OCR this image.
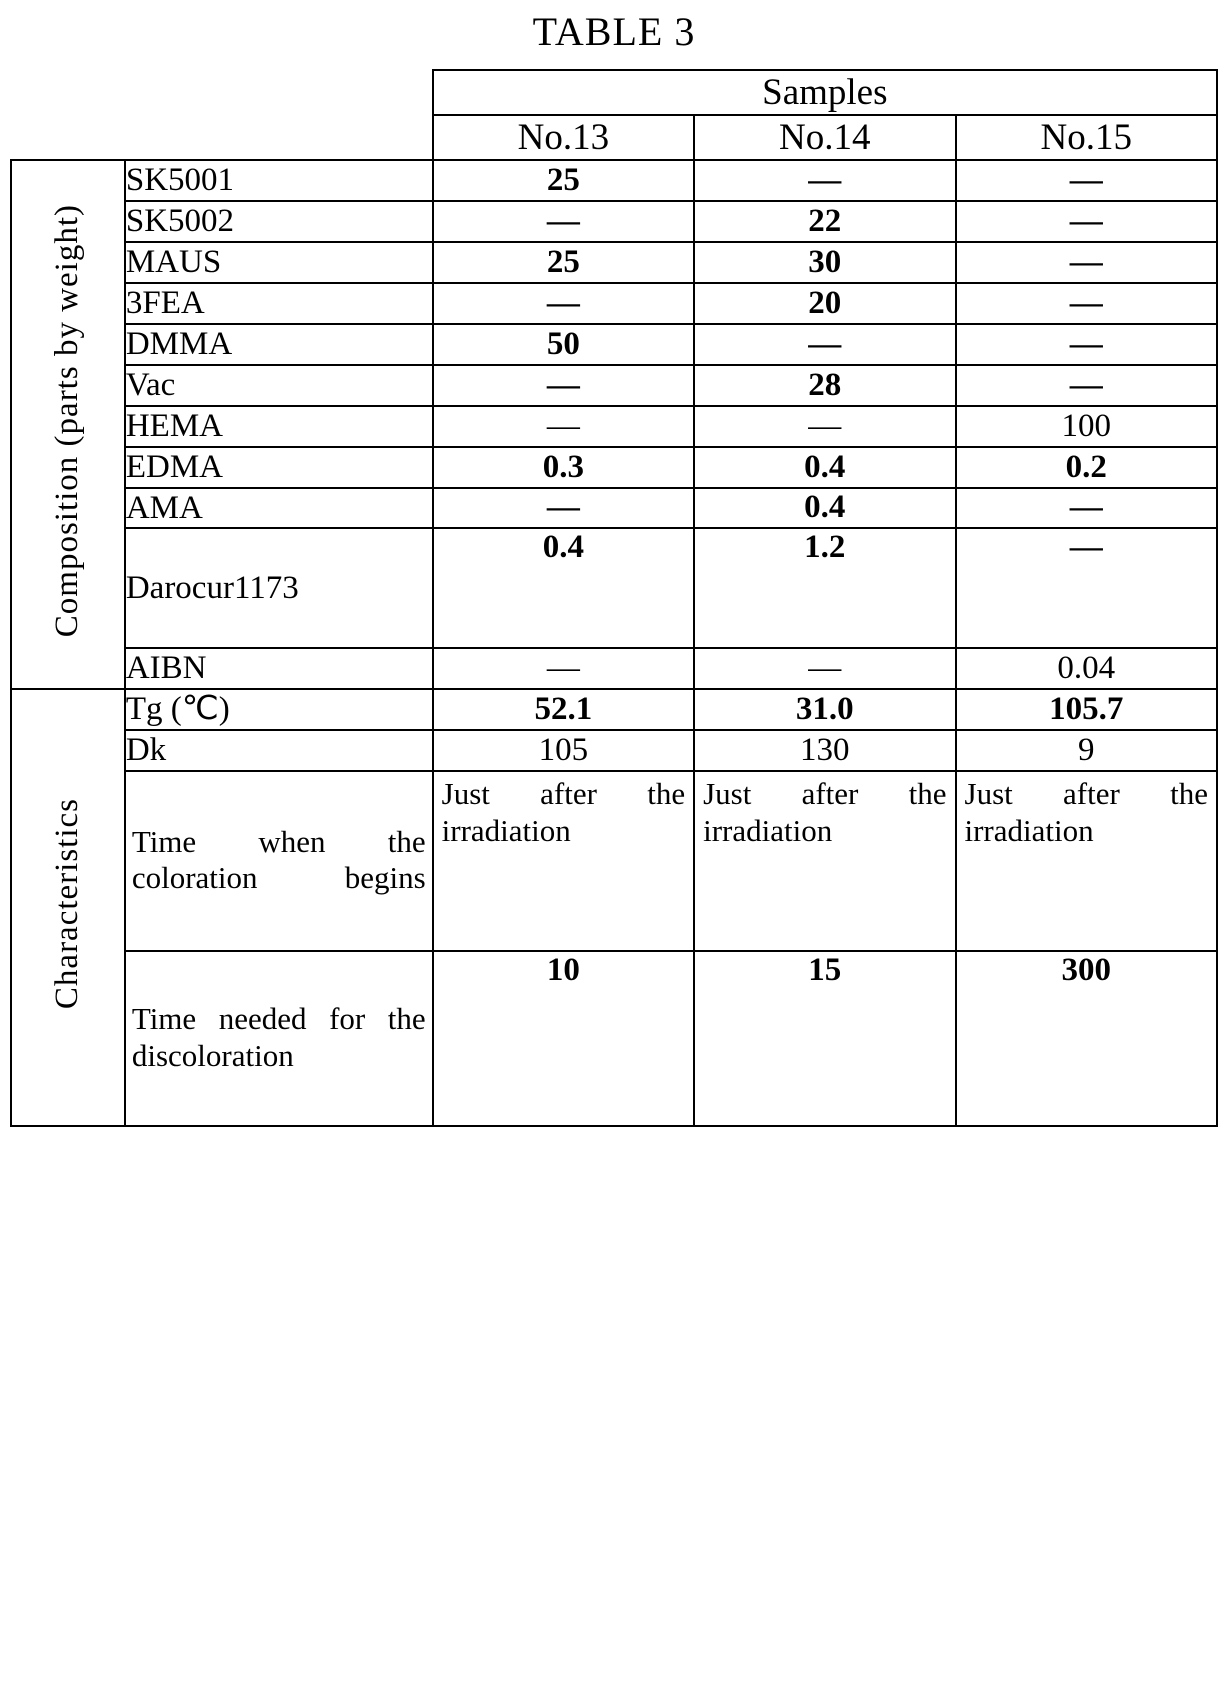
TABLE 3
		Samples		
		No.13	No.14	No.15
Composition (parts by weight)	SK5001	25	—	—
	SK5002	—	22	—
	MAUS	25	30	—
	3FEA	—	20	—
	DMMA	50	—	—
	Vac	—	28	—
	HEMA	—	—	100
	EDMA	0.3	0.4	0.2
	AMA	—	0.4	—
	Darocur1173	0.4	1.2	—
	AIBN	—	—	0.04
Characteristics	Tg (℃)	52.1	31.0	105.7
	Dk	105	130	9
	Time when the coloration begins	Just after the irradiation	Just after the irradiation	Just after the irradiation
	Time needed for the discoloration	10	15	300
